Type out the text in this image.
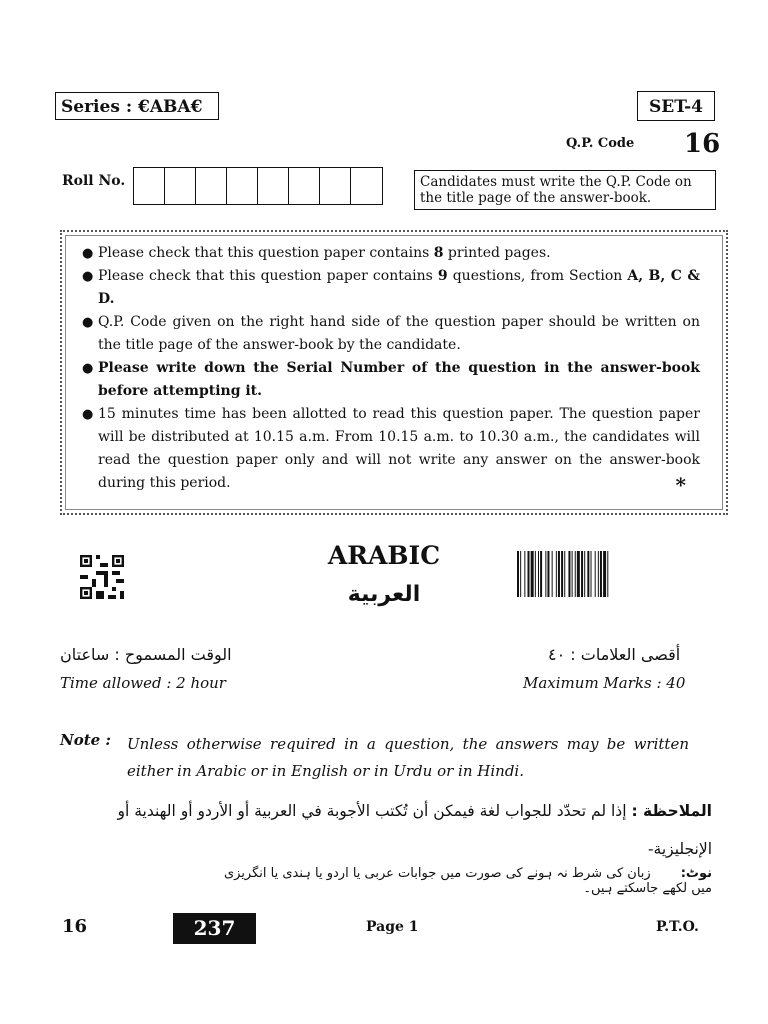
Series : €ABA€	SET-4
Q.P. Code 16
Roll No.	Candidates must write the Q.P. Code on the title page of the answer-book.
● Please check that this question paper contains 8 printed pages.
● Please check that this question paper contains 9 questions, from Section A, B, C & D.
● Q.P. Code given on the right hand side of the question paper should be written on the title page of the answer-book by the candidate.
● Please write down the Serial Number of the question in the answer-book before attempting it.
● 15 minutes time has been allotted to read this question paper. The question paper will be distributed at 10.15 a.m. From 10.15 a.m. to 10.30 a.m., the candidates will read the question paper only and will not write any answer on the answer-book during this period.	*
ARABIC
العربية
الوقت المسموح : ساعتان	أقصى العلامات : ٤٠
Time allowed : 2 hour	Maximum Marks : 40
Note : Unless otherwise required in a question, the answers may be written either in Arabic or in English or in Urdu or in Hindi.
الملاحظة : إذا لم تحدّد للجواب لغة فيمكن أن تُكتب الأجوبة في العربية أو الأردو أو الهندية أو الإنجليزية-
نوٹ:زبان کی شرط نہ ہونے کی صورت میں جوابات عربی یا اردو یا ہندی یا انگریزی میں لکھے جاسکتے ہیں۔
16	237	Page 1	P.T.O.
